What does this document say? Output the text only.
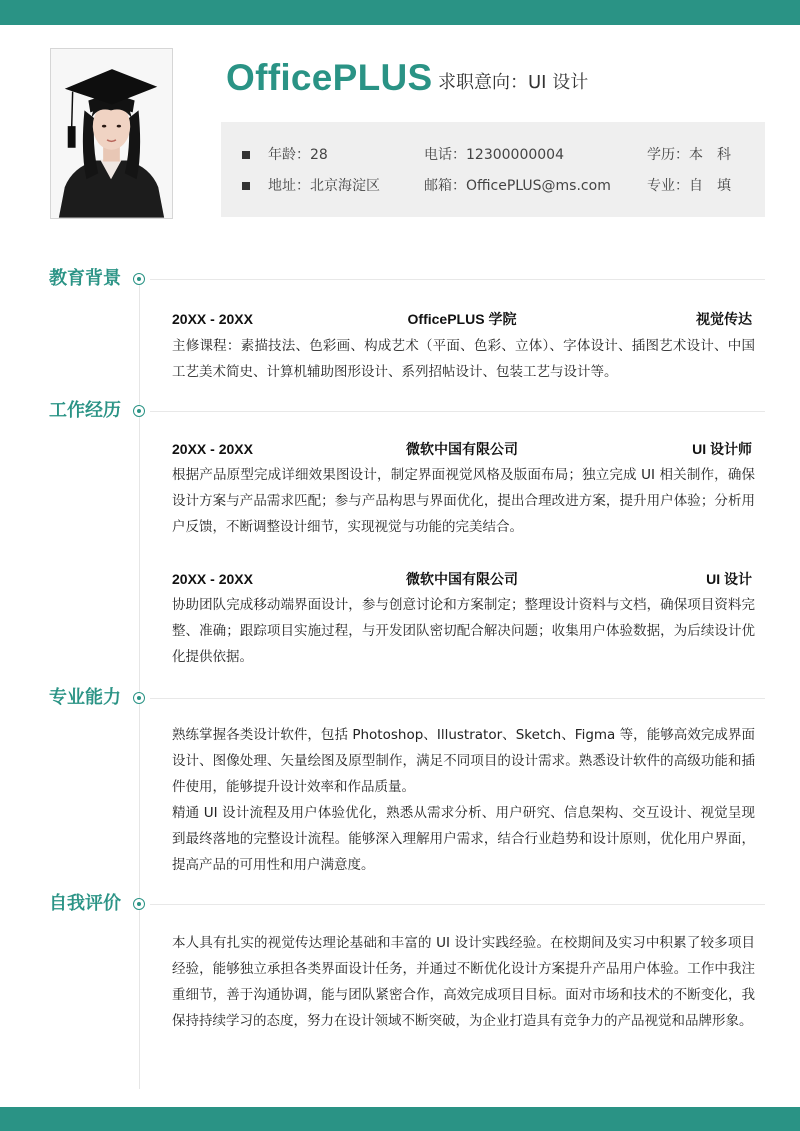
OfficePLUS 求职意向：UI 设计
年龄：28	电话：12300000004	学历：本　科
地址：北京海淀区	邮箱：OfficePLUS@ms.com	专业：自　填
教育背景
20XX - 20XX	OfficePLUS 学院	视觉传达
主修课程：素描技法、色彩画、构成艺术（平面、色彩、立体）、字体设计、插图艺术设计、中国工艺美术简史、计算机辅助图形设计、系列招帖设计、包装工艺与设计等。
工作经历
20XX - 20XX	微软中国有限公司	UI 设计师
根据产品原型完成详细效果图设计，制定界面视觉风格及版面布局；独立完成 UI 相关制作，确保设计方案与产品需求匹配；参与产品构思与界面优化，提出合理改进方案，提升用户体验；分析用户反馈，不断调整设计细节，实现视觉与功能的完美结合。
20XX - 20XX	微软中国有限公司	UI 设计
协助团队完成移动端界面设计，参与创意讨论和方案制定；整理设计资料与文档，确保项目资料完整、准确；跟踪项目实施过程，与开发团队密切配合解决问题；收集用户体验数据，为后续设计优化提供依据。
专业能力
熟练掌握各类设计软件，包括 Photoshop、Illustrator、Sketch、Figma 等，能够高效完成界面设计、图像处理、矢量绘图及原型制作，满足不同项目的设计需求。熟悉设计软件的高级功能和插件使用，能够提升设计效率和作品质量。
精通 UI 设计流程及用户体验优化，熟悉从需求分析、用户研究、信息架构、交互设计、视觉呈现到最终落地的完整设计流程。能够深入理解用户需求，结合行业趋势和设计原则，优化用户界面，提高产品的可用性和用户满意度。
自我评价
本人具有扎实的视觉传达理论基础和丰富的 UI 设计实践经验。在校期间及实习中积累了较多项目经验，能够独立承担各类界面设计任务，并通过不断优化设计方案提升产品用户体验。工作中我注重细节，善于沟通协调，能与团队紧密合作，高效完成项目目标。面对市场和技术的不断变化，我保持持续学习的态度，努力在设计领域不断突破，为企业打造具有竞争力的产品视觉和品牌形象。
